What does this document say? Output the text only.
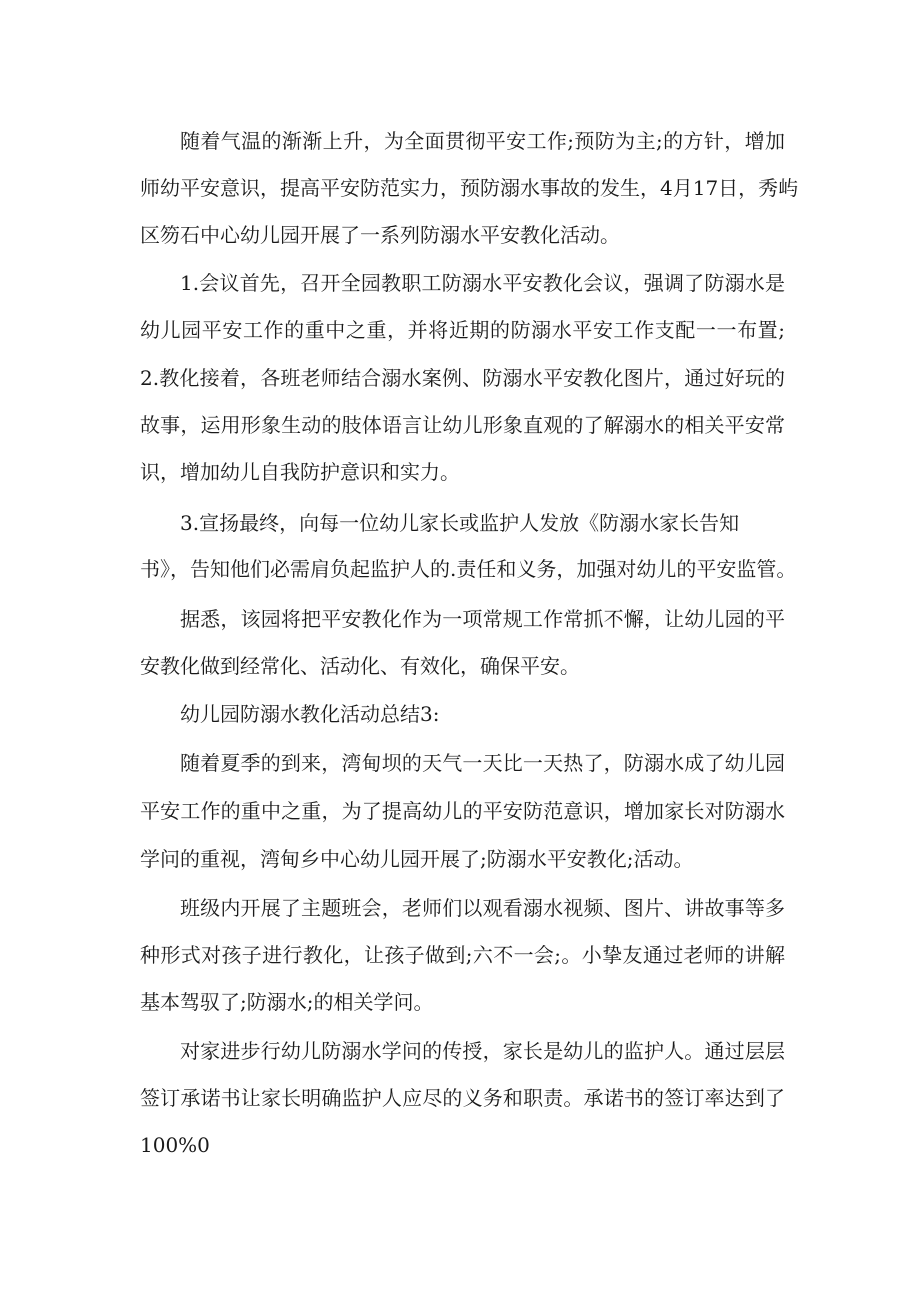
随着气温的渐渐上升，为全面贯彻平安工作;预防为主;的方针，增加
师幼平安意识，提高平安防范实力，预防溺水事故的发生，4月17日，秀屿
区笏石中心幼儿园开展了一系列防溺水平安教化活动。
1.会议首先，召开全园教职工防溺水平安教化会议，强调了防溺水是
幼儿园平安工作的重中之重，并将近期的防溺水平安工作支配一一布置;
2.教化接着，各班老师结合溺水案例、防溺水平安教化图片，通过好玩的
故事，运用形象生动的肢体语言让幼儿形象直观的了解溺水的相关平安常
识，增加幼儿自我防护意识和实力。
3.宣扬最终，向每一位幼儿家长或监护人发放《防溺水家长告知
书》，告知他们必需肩负起监护人的.责任和义务，加强对幼儿的平安监管。
据悉，该园将把平安教化作为一项常规工作常抓不懈，让幼儿园的平
安教化做到经常化、活动化、有效化，确保平安。
幼儿园防溺水教化活动总结3:
随着夏季的到来，湾甸坝的天气一天比一天热了，防溺水成了幼儿园
平安工作的重中之重，为了提高幼儿的平安防范意识，增加家长对防溺水
学问的重视，湾甸乡中心幼儿园开展了;防溺水平安教化;活动。
班级内开展了主题班会，老师们以观看溺水视频、图片、讲故事等多
种形式对孩子进行教化，让孩子做到;六不一会;。小挚友通过老师的讲解
基本驾驭了;防溺水;的相关学问。
对家进步行幼儿防溺水学问的传授，家长是幼儿的监护人。通过层层
签订承诺书让家长明确监护人应尽的义务和职责。承诺书的签订率达到了
100%0
